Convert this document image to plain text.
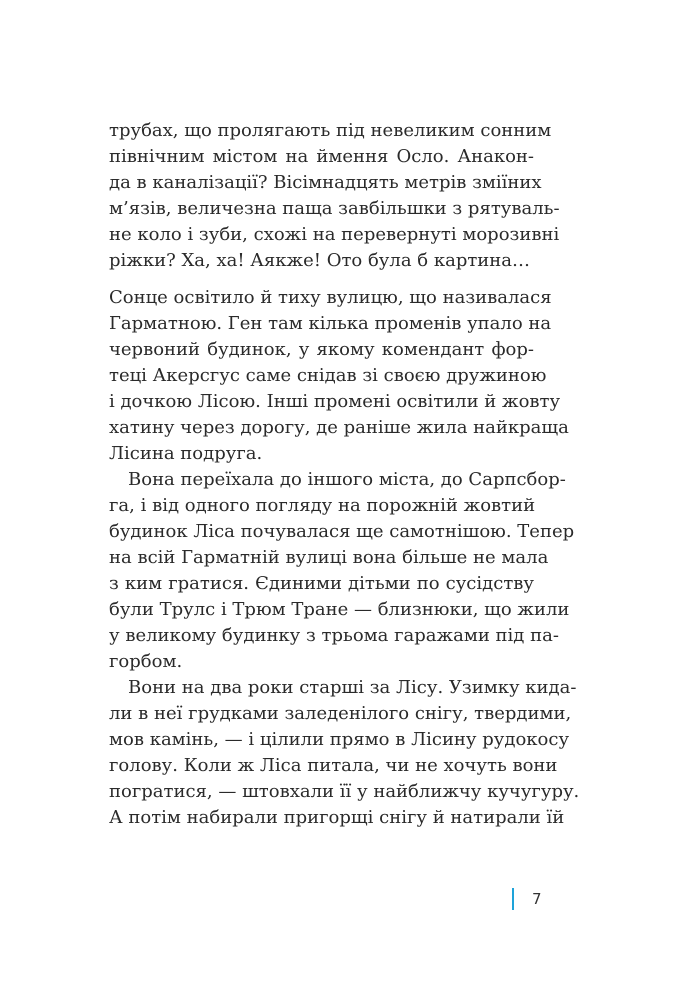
трубах, що пролягають під невеликим сонним
північним містом на ймення Осло. Анакон-
да в каналізації? Вісімнадцять метрів зміїних
м’язів, величезна паща завбільшки з рятуваль-
не коло і зуби, схожі на перевернуті морозивні
ріжки? Ха, ха! Аякже! Ото була б картина…
Сонце освітило й тиху вулицю, що називалася
Гарматною. Ген там кілька променів упало на
червоний будинок, у якому комендант фор-
теці Акерсгус саме снідав зі своєю дружиною
і дочкою Лісою. Інші промені освітили й жовту
хатину через дорогу, де раніше жила найкраща
Лісина подруга.
Вона переїхала до іншого міста, до Сарпсбор-
га, і від одного погляду на порожній жовтий
будинок Ліса почувалася ще самотнішою. Тепер
на всій Гарматній вулиці вона більше не мала
з ким гратися. Єдиними дітьми по сусідству
були Трулс і Трюм Тране — близнюки, що жили
у великому будинку з трьома гаражами під па-
горбом.
Вони на два роки старші за Лісу. Узимку кида-
ли в неї грудками заледенілого снігу, твердими,
мов камінь, — і цілили прямо в Лісину рудокосу
голову. Коли ж Ліса питала, чи не хочуть вони
погратися, — штовхали її у найближчу кучугуру.
А потім набирали пригорщі снігу й натирали їй
7
